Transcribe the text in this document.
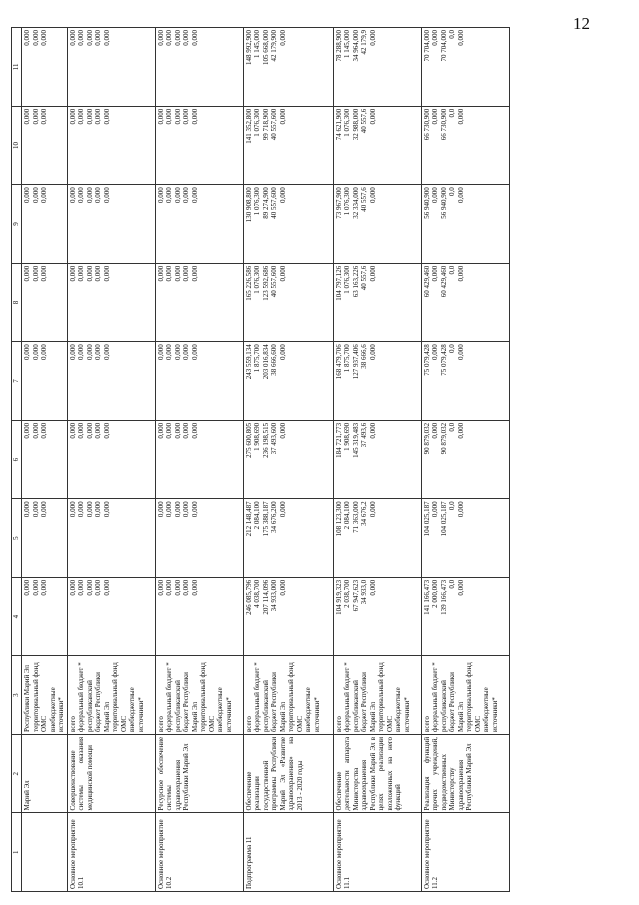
12
1	2	3	4	5	6	7	8	9	10	11
	Марий Эл	Республики Марий Эл территориальный фонд ОМС внебюджетные источники*	0,000 0,000 0,000	0,000 0,000 0,000	0,000 0,000 0,000	0,000 0,000 0,000	0,000 0,000 0,000	0,000 0,000 0,000	0,000 0,000 0,000	0,000 0,000 0,000

Основное мероприятие 10.1	Совершенствование системы оказания медицинской помощи	всего федеральный бюджет * республиканский бюджет Республики Марий Эл территориальный фонд ОМС внебюджетные источники*	0,000 0,000 0,000 0,000 0,000	0,000 0,000 0,000 0,000 0,000	0,000 0,000 0,000 0,000 0,000	0,000 0,000 0,000 0,000 0,000	0,000 0,000 0,000 0,000 0,000	0,000 0,000 0,000 0,000 0,000	0,000 0,000 0,000 0,000 0,000	0,000 0,000 0,000 0,000 0,000

Основное мероприятие 10.2	Ресурсное обеспечение системы здравоохранения Республики Марий Эл	всего федеральный бюджет * республиканский бюджет Республики Марий Эл территориальный фонд ОМС внебюджетные источники*	0,000 0,000 0,000 0,000 0,000	0,000 0,000 0,000 0,000 0,000	0,000 0,000 0,000 0,000 0,000	0,000 0,000 0,000 0,000 0,000	0,000 0,000 0,000 0,000 0,000	0,000 0,000 0,000 0,000 0,000	0,000 0,000 0,000 0,000 0,000	0,000 0,000 0,000 0,000 0,000

Подпрограмма 11	Обеспечение реализации государственной программы Республики Марий Эл «Развитие здравоохранения» на 2013 - 2020 годы	всего федеральный бюджет * республиканский бюджет Республики Марий Эл территориальный фонд ОМС внебюджетные источники*	246 085,796 4 038,700 207 114,096 34 933,000 0,000	212 148,487 2 084,100 175 388,187 34 676,200 0,000	275 600,805 1 908,690 236 198,515 37 493,600 0,000	243 559,134 1 875,700 203 016,834 38 666,600 0,000	165 226,586 1 076,300 123 592,686 40 557,600 0,000	130 908,800 1 076,300 89 274,900 40 557,600 0,000	141 352,800 1 076,300 99 718,900 40 557,600 0,000	148 992,900 1 145,000 105 668,000 42 179,900 0,000

Основное мероприятие 11.1	Обеспечение деятельности аппарата Министерства здравоохранения Республики Марий Эл в целях реализации возложенных на него функций	всего федеральный бюджет * республиканский бюджет Республики Марий Эл территориальный фонд ОМС внебюджетные источники*	104 919,323 2 038,700 67 947,623 34 933,0 0,000	108 123,300 2 084,100 71 363,000 34 676,2 0,000	184 721,773 1 908,690 145 319,483 37 493,6 0,000	168 479,706 1 875,700 127 937,406 38 666,6 0,000	104 797,126 1 076,300 63 163,226 40 557,6 0,000	73 967,900 1 076,300 32 334,000 40 557,6 0,000	74 621,900 1 076,300 32 988,000 40 557,6 0,000	78 288,900 1 145,000 34 964,000 42 179,9 0,000

Основное мероприятие 11.2	Реализация функций прочих учреждений, подведомственных Министерству здравоохранения Республики Марий Эл	всего федеральный бюджет * республиканский бюджет Республики Марий Эл территориальный фонд ОМС внебюджетные источники*	141 166,473 2 000,000 139 166,473 0,0 0,000	104 025,187 0,000 104 025,187 0,0 0,000	90 879,032 0,000 90 879,032 0,0 0,000	75 079,428 0,000 75 079,428 0,0 0,000	60 429,460 0,000 60 429,460 0,0 0,000	56 940,900 0,000 56 940,900 0,0 0,000	66 730,900 0,000 66 730,900 0,0 0,000	70 704,000 0,000 70 704,000 0,0 0,000
